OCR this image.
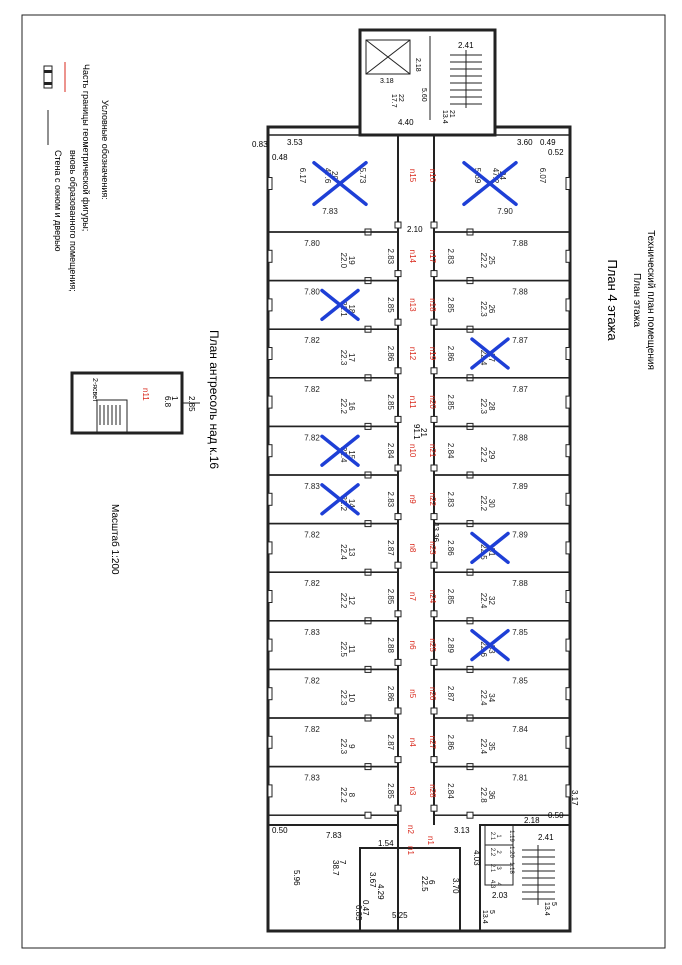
Технический план помещения
План этажа
План 4 этажа
Условные обозначения:
Часть границы геометрической фигуры;
вновь образованного помещения;
Стена с окном и дверью
2-ясвет	n11	1
6.8 2.85 План антресоль над к.16
Масштаб 1:200
2.41
2.18
3.18
5.60
22
17.7
4.40
21
13.4
3.53
0.48
0.83	3.60 0.49
0.52
2.10
21
91.1
43.36
7.83
5.73
6.17	20
47.6	n15
7.80
19
22.0	2.83 n14
7.80
18
22.1	2.85 n13
7.82
17
22.3	2.86 n12
7.82
16
22.2	2.85 n11
7.82
15
22.4	2.84 n10
7.83
14
22.2	2.83 n9
7.82
13
22.4	2.87 n8
7.82
12
22.2	2.85 n7
7.83
11
22.5	2.88 n6
7.82
10
22.3	2.86 n5
7.82
9
22.3	2.87 n4
7.83
8
22.2	2.85 n3
7.90
5.69	6.07
24
47.2
n16
7.88
25
22.2
2.83
n17
7.88
26
22.3
2.85
n18
7.87
27
22.4
2.86
n19
7.87
28
22.3
2.85
n20
7.88
29
22.2
2.84
n21
7.89
30
22.2
2.83
n22
7.89
31
22.5
2.86
n23
7.88
32
22.4
2.85
n24
7.85
33
22.6
2.89
n25
7.85
34
22.4
2.87
n26
7.84
35
22.4
2.86
n27
7.81
36
22.8
2.84
n28
7.83
0.50
7
38.7
5.96	3.67
0.47
0.85
n2
1.54
6
22.5
4.29	3.70
5.25
n1
n1
3.17
0.50
2.18
2.41
3.13
4.03
2.03
5
13.4
5
13.4
1
2.1 1.19
2
2.2 1.20
3
2.1 1.18
4
4.3
